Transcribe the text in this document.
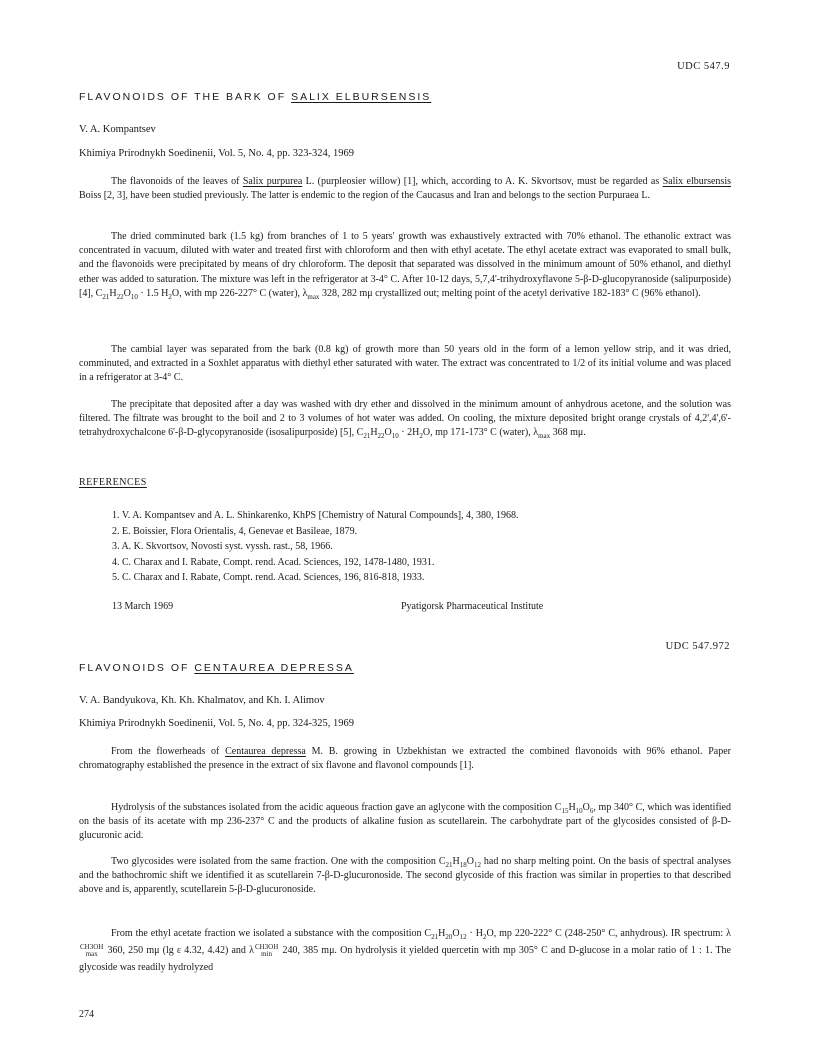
UDC 547.9
FLAVONOIDS OF THE BARK OF SALIX ELBURSENSIS
V. A. Kompantsev
Khimiya Prirodnykh Soedinenii, Vol. 5, No. 4, pp. 323-324, 1969
The flavonoids of the leaves of Salix purpurea L. (purpleosier willow) [1], which, according to A. K. Skvortsov, must be regarded as Salix elbursensis Boiss [2, 3], have been studied previously. The latter is endemic to the region of the Caucasus and Iran and belongs to the section Purpuraea L.
The dried comminuted bark (1.5 kg) from branches of 1 to 5 years' growth was exhaustively extracted with 70% ethanol. The ethanolic extract was concentrated in vacuum, diluted with water and treated first with chloroform and then with ethyl acetate. The ethyl acetate extract was evaporated to small bulk, and the flavonoids were precipitated by means of dry chloroform. The deposit that separated was dissolved in the minimum amount of 50% ethanol, and diethyl ether was added to saturation. The mixture was left in the refrigerator at 3-4° C. After 10-12 days, 5,7,4'-trihydroxyflavone 5-β-D-glucopyranoside (salipurposide) [4], $C_{21}H_{22}O_{10} \cdot 1.5$ $H_2O$, with mp 226-227° C (water), $\lambda_{max}$ 328, 282 mμ crystallized out; melting point of the acetyl derivative 182-183° C (96% ethanol).
The cambial layer was separated from the bark (0.8 kg) of growth more than 50 years old in the form of a lemon yellow strip, and it was dried, comminuted, and extracted in a Soxhlet apparatus with diethyl ether saturated with water. The extract was concentrated to 1/2 of its initial volume and was placed in a refrigerator at 3-4° C.
The precipitate that deposited after a day was washed with dry ether and dissolved in the minimum amount of anhydrous acetone, and the solution was filtered. The filtrate was brought to the boil and 2 to 3 volumes of hot water was added. On cooling, the mixture deposited bright orange crystals of 4,2',4',6'-tetrahydroxychalcone 6'-β-D-glycopyranoside (isosalipurposide) [5], $C_{21}H_{22}O_{10} \cdot 2H_2O$, mp 171-173° C (water), $\lambda_{max}$ 368 mμ.
REFERENCES
1. V. A. Kompantsev and A. L. Shinkarenko, KhPS [Chemistry of Natural Compounds], 4, 380, 1968.
2. E. Boissier, Flora Orientalis, 4, Genevae et Basileae, 1879.
3. A. K. Skvortsov, Novosti syst. vyssh. rast., 58, 1966.
4. C. Charax and I. Rabate, Compt. rend. Acad. Sciences, 192, 1478-1480, 1931.
5. C. Charax and I. Rabate, Compt. rend. Acad. Sciences, 196, 816-818, 1933.
13 March 1969	Pyatigorsk Pharmaceutical Institute
UDC 547.972
FLAVONOIDS OF CENTAUREA DEPRESSA
V. A. Bandyukova, Kh. Kh. Khalmatov, and Kh. I. Alimov
Khimiya Prirodnykh Soedinenii, Vol. 5, No. 4, pp. 324-325, 1969
From the flowerheads of Centaurea depressa M. B. growing in Uzbekhistan we extracted the combined flavonoids with 96% ethanol. Paper chromatography established the presence in the extract of six flavone and flavonol compounds [1].
Hydrolysis of the substances isolated from the acidic aqueous fraction gave an aglycone with the composition $C_{15}H_{10}O_6$, mp 340° C, which was identified on the basis of its acetate with mp 236-237° C and the products of alkaline fusion as scutellarein. The carbohydrate part of the glycosides consisted of β-D-glucuronic acid.
Two glycosides were isolated from the same fraction. One with the composition $C_{21}H_{18}O_{12}$ had no sharp melting point. On the basis of spectral analyses and the bathochromic shift we identified it as scutellarein 7-β-D-glucuronoside. The second glycoside of this fraction was similar in properties to that described above and is, apparently, scutellarein 5-β-D-glucuronoside.
From the ethyl acetate fraction we isolated a substance with the composition $C_{21}H_{20}O_{12} \cdot H_2O$, mp 220-222° C (248-250° C, anhydrous). IR spectrum: λ
CH3OH
max 360, 250 mμ (lg ε 4.32, 4.42) and λ CH3OH
min 240, 385 mμ. On hydrolysis it yielded quercetin with mp 305° C and D-glucose in a molar ratio of 1 : 1. The glycoside was readily hydrolyzed
274
